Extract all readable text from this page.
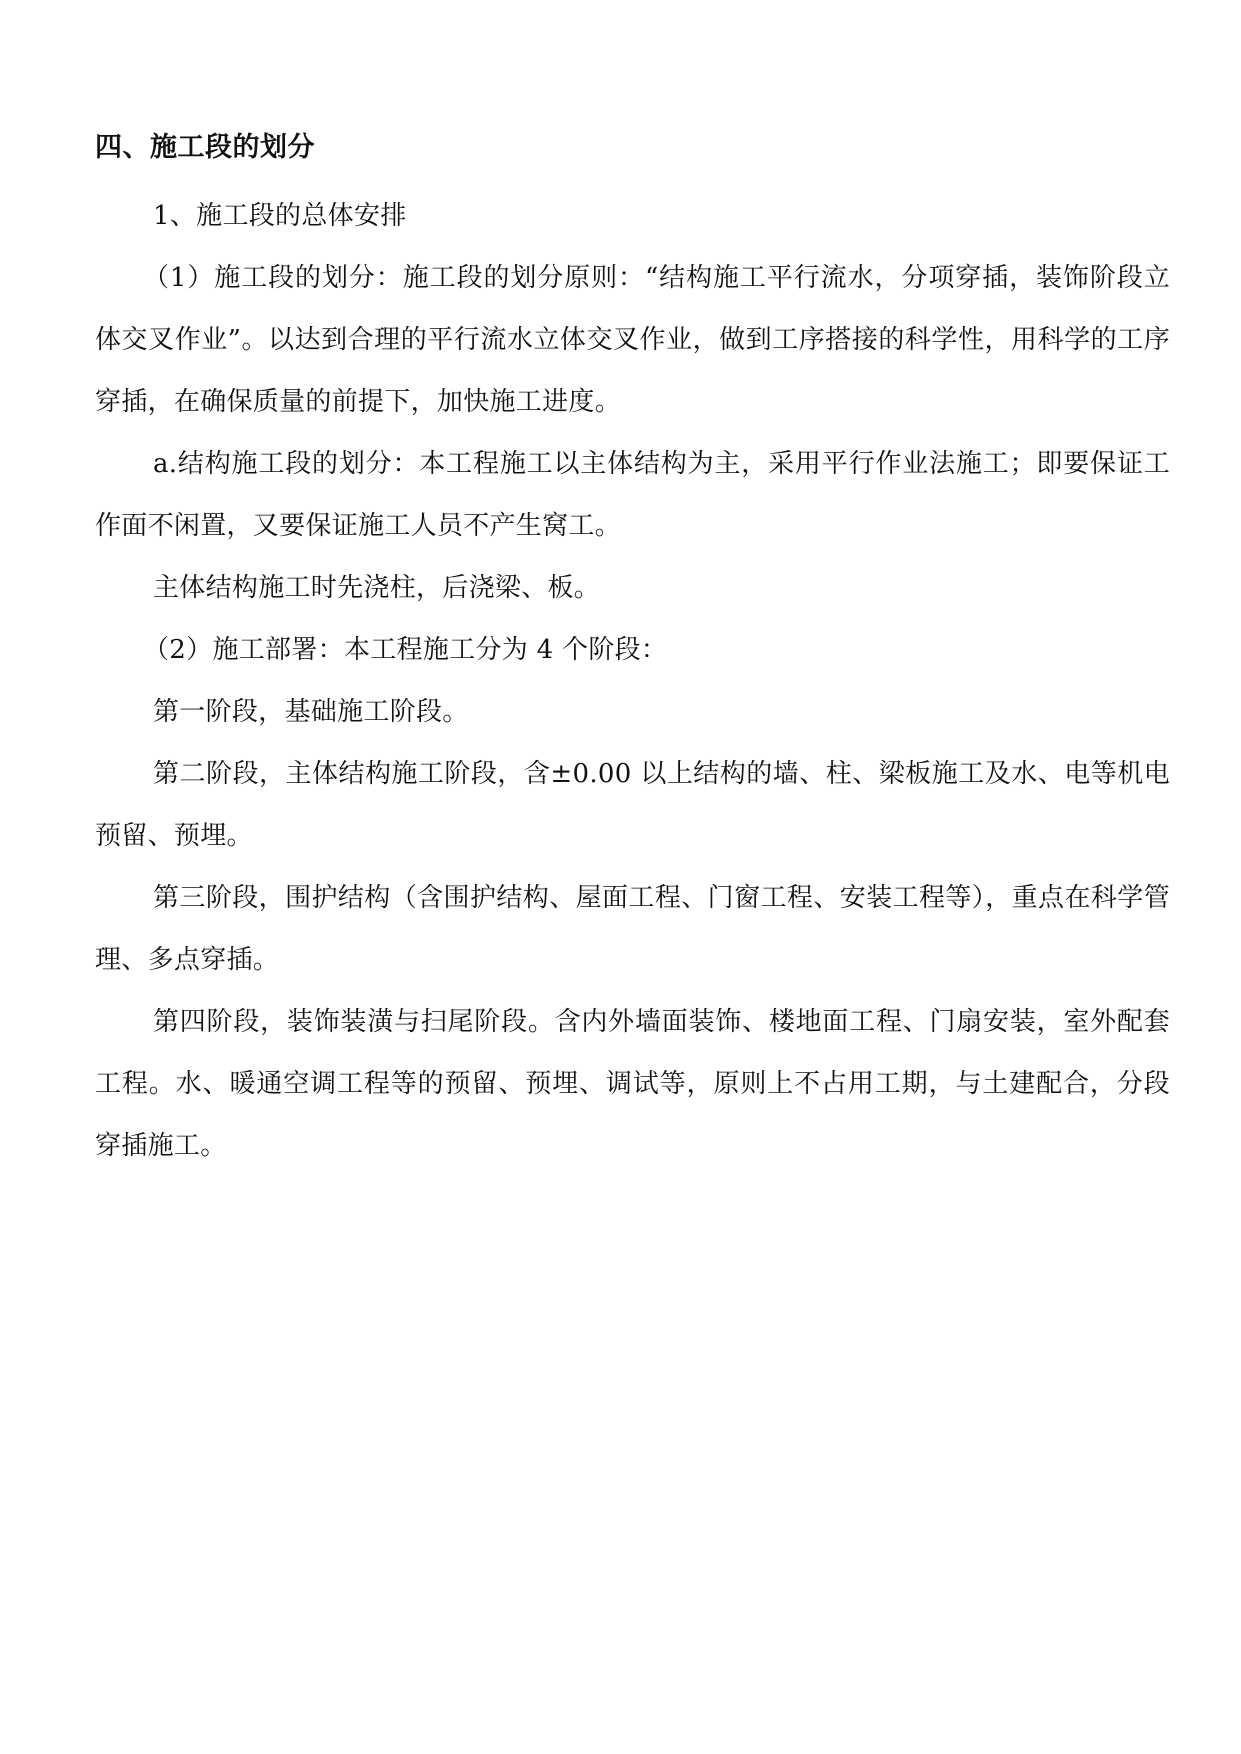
四、施工段的划分

1、施工段的总体安排

（1）施工段的划分：施工段的划分原则：“结构施工平行流水，分项穿插，装饰阶段立体交叉作业”。以达到合理的平行流水立体交叉作业，做到工序搭接的科学性，用科学的工序穿插，在确保质量的前提下，加快施工进度。

a.结构施工段的划分：本工程施工以主体结构为主，采用平行作业法施工；即要保证工作面不闲置，又要保证施工人员不产生窝工。

主体结构施工时先浇柱，后浇梁、板。

（2）施工部署：本工程施工分为 4 个阶段：

第一阶段，基础施工阶段。

第二阶段，主体结构施工阶段，含±0.00 以上结构的墙、柱、梁板施工及水、电等机电预留、预埋。

第三阶段，围护结构（含围护结构、屋面工程、门窗工程、安装工程等），重点在科学管理、多点穿插。

第四阶段，装饰装潢与扫尾阶段。含内外墙面装饰、楼地面工程、门扇安装，室外配套工程。水、暖通空调工程等的预留、预埋、调试等，原则上不占用工期，与土建配合，分段穿插施工。
